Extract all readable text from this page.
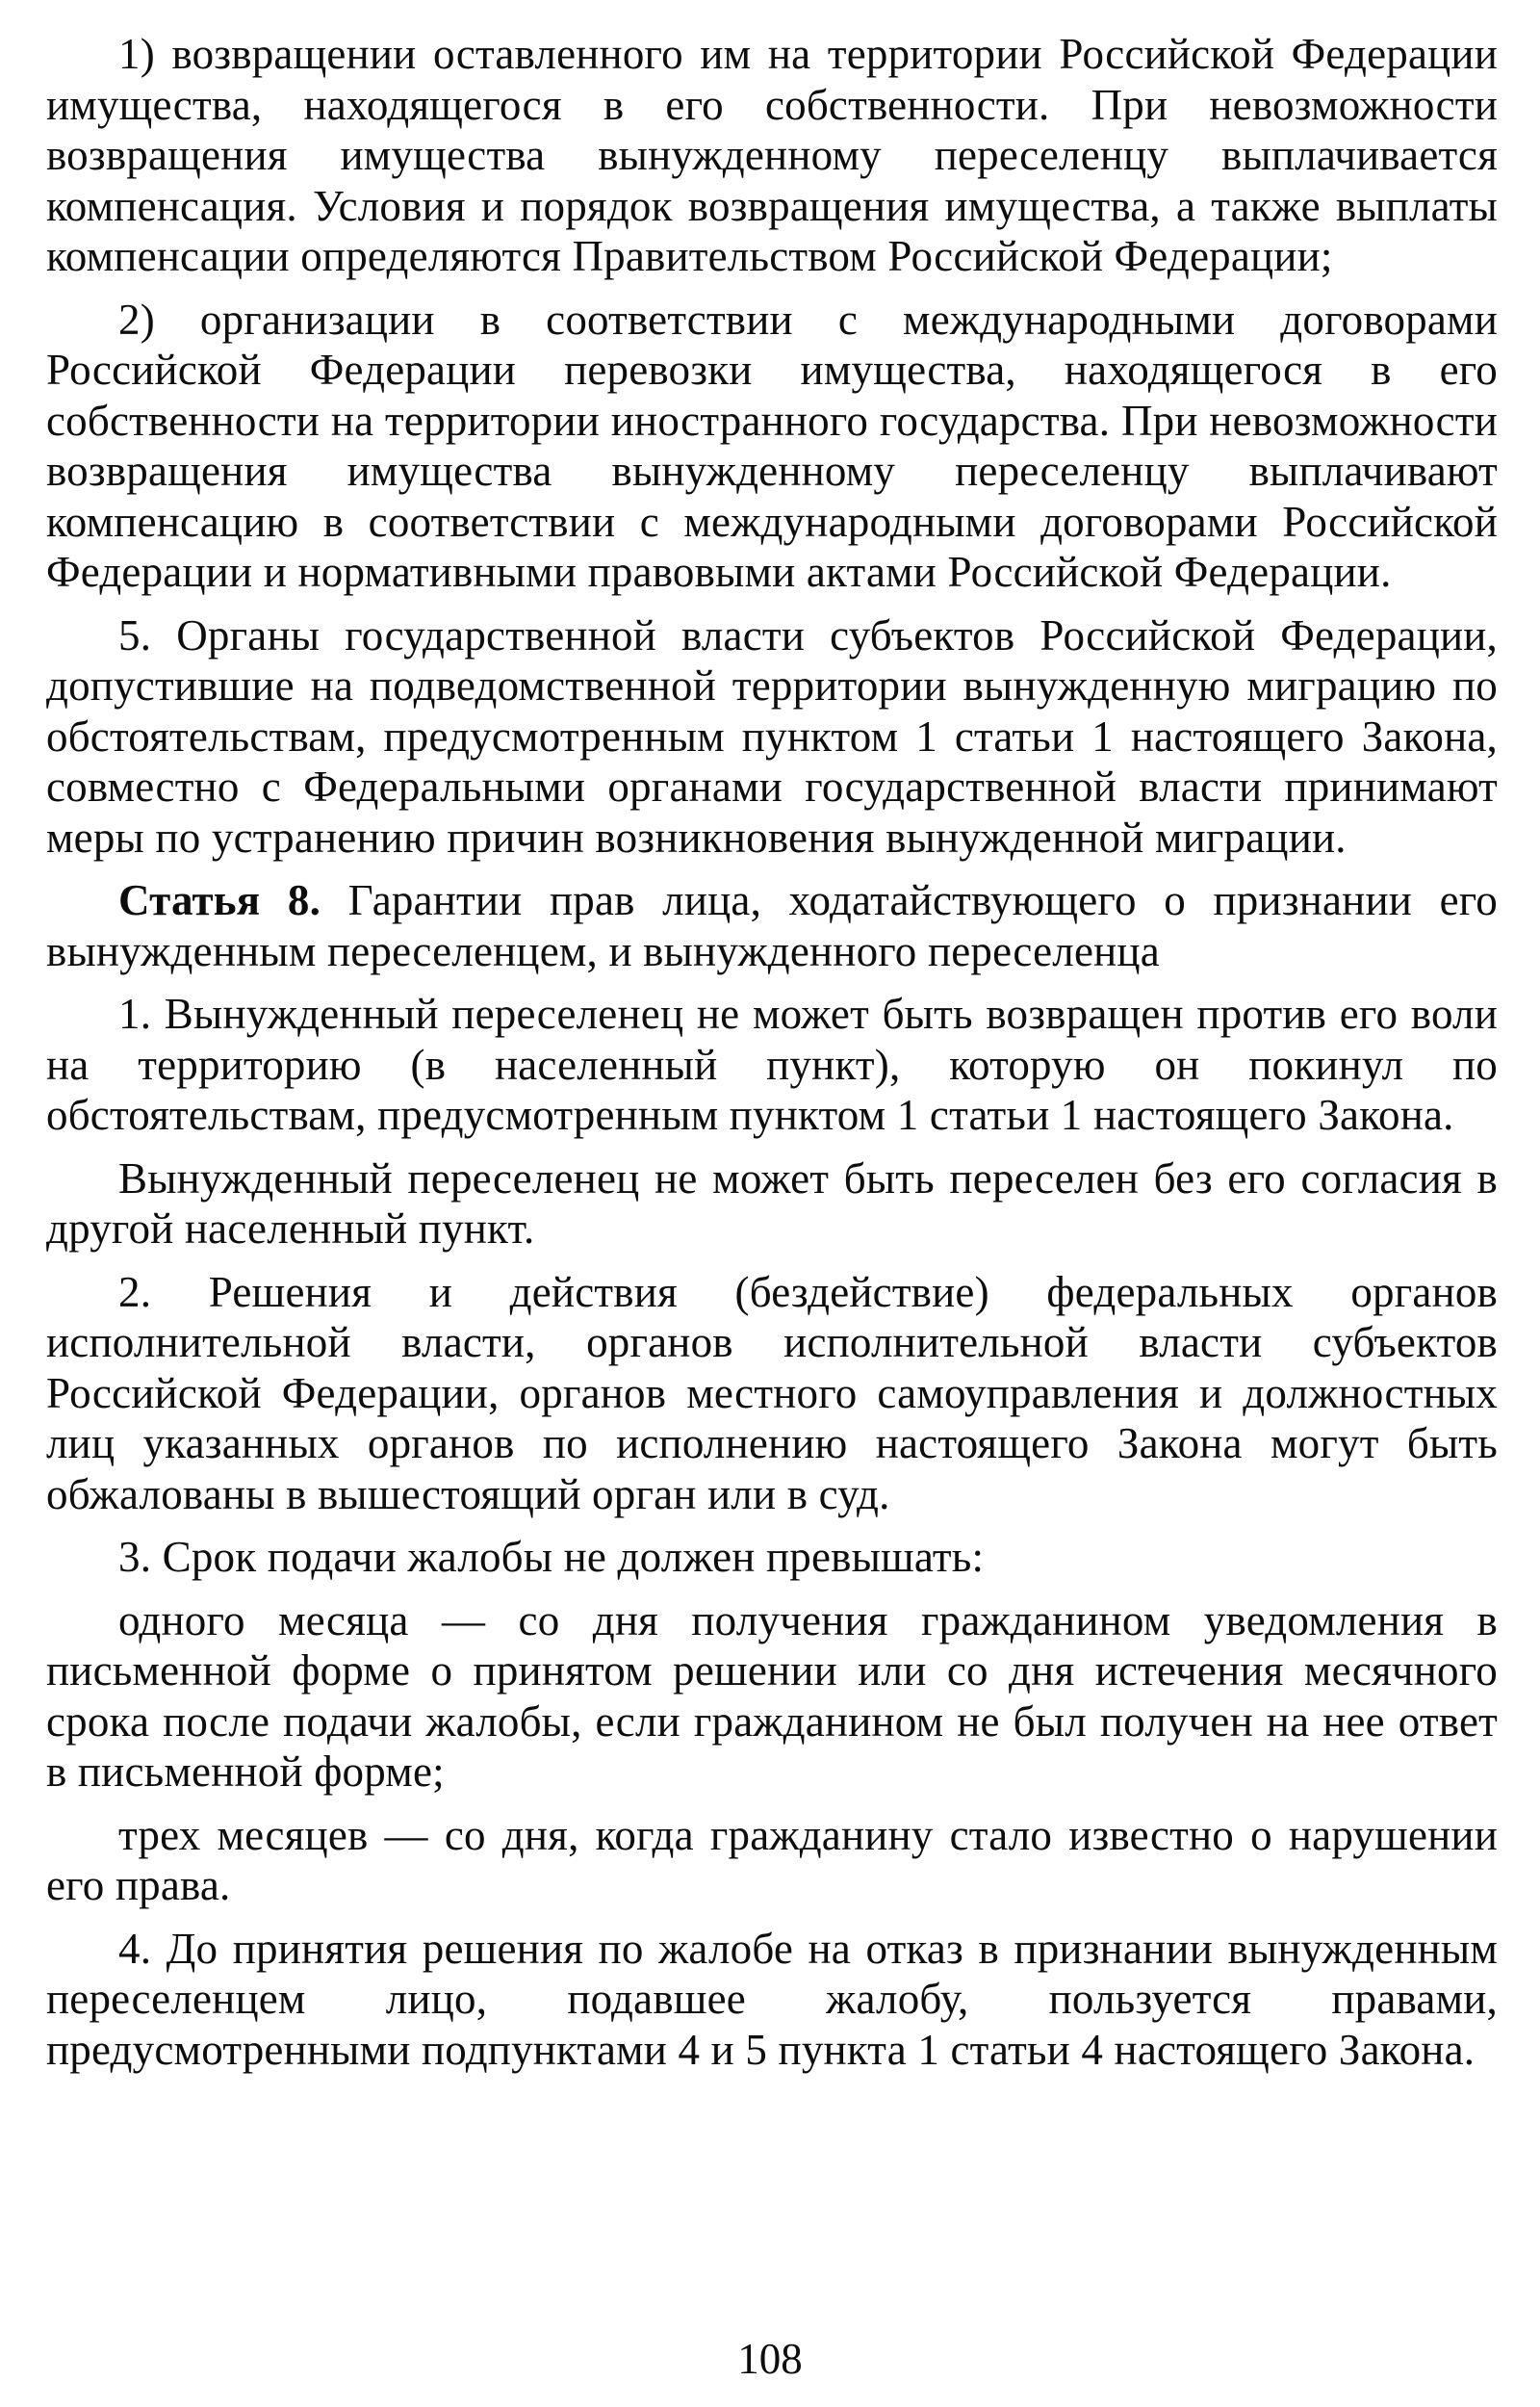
1) возвращении оставленного им на территории Российской Федерации имущества, находящегося в его собственности. При невозможности возвращения имущества вынужденному переселенцу выплачивается компенсация. Условия и порядок возвращения имущества, а также выплаты компенсации определяются Правительством Российской Федерации;

2) организации в соответствии с международными договорами Российской Федерации перевозки имущества, находящегося в его собственности на территории иностранного государства. При невозможности возвращения имущества вынужденному переселенцу выплачивают компенсацию в соответствии с международными договорами Российской Федерации и нормативными правовыми актами Российской Федерации.

5. Органы государственной власти субъектов Российской Федерации, допустившие на подведомственной территории вынужденную миграцию по обстоятельствам, предусмотренным пунктом 1 статьи 1 настоящего Закона, совместно с Федеральными органами государственной власти принимают меры по устранению причин возникновения вынужденной миграции.

Статья 8. Гарантии прав лица, ходатайствующего о признании его вынужденным переселенцем, и вынужденного переселенца

1. Вынужденный переселенец не может быть возвращен против его воли на территорию (в населенный пункт), которую он покинул по обстоятельствам, предусмотренным пунктом 1 статьи 1 настоящего Закона.

Вынужденный переселенец не может быть переселен без его согласия в другой населенный пункт.

2. Решения и действия (бездействие) федеральных органов исполнительной власти, органов исполнительной власти субъектов Российской Федерации, органов местного самоуправления и должностных лиц указанных органов по исполнению настоящего Закона могут быть обжалованы в вышестоящий орган или в суд.

3. Срок подачи жалобы не должен превышать:

одного месяца — со дня получения гражданином уведомления в письменной форме о принятом решении или со дня истечения месячного срока после подачи жалобы, если гражданином не был получен на нее ответ в письменной форме;

трех месяцев — со дня, когда гражданину стало известно о нарушении его права.

4. До принятия решения по жалобе на отказ в признании вынужденным переселенцем лицо, подавшее жалобу, пользуется правами, предусмотренными подпунктами 4 и 5 пункта 1 статьи 4 настоящего Закона.

108
